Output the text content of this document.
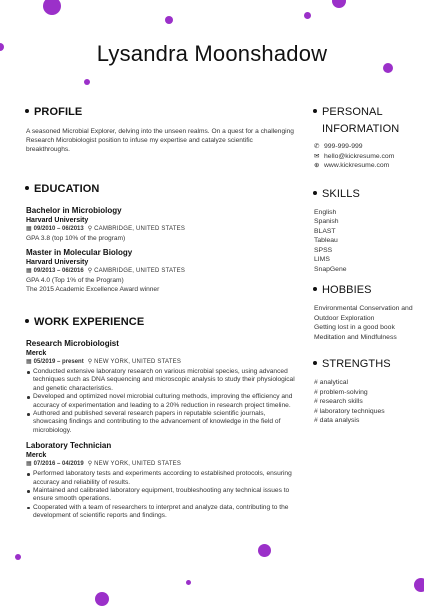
Lysandra Moonshadow
PROFILE

A seasoned Microbial Explorer, delving into the unseen realms. On a quest for a challenging Research Microbiologist position to infuse my expertise and catalyze scientific breakthroughs.

EDUCATION
Bachelor in Microbiology
Harvard University
▦ 09/2010 – 06/2013 ⚲ CAMBRIDGE, UNITED STATES
GPA 3.8 (top 10% of the program)
Master in Molecular Biology
Harvard University
▦ 09/2013 – 06/2016 ⚲ CAMBRIDGE, UNITED STATES
GPA 4.0 (Top 1% of the Program)
The 2015 Academic Excellence Award winner
WORK EXPERIENCE
Research Microbiologist
Merck
▦ 05/2019 – present ⚲ NEW YORK, UNITED STATES
Conducted extensive laboratory research on various microbial species, using advanced techniques such as DNA sequencing and microscopic analysis to study their physiological and genetic characteristics.
Developed and optimized novel microbial culturing methods, improving the efficiency and accuracy of experimentation and leading to a 20% reduction in research project timeline.
Authored and published several research papers in reputable scientific journals, showcasing findings and contributing to the advancement of knowledge in the field of microbiology.
Laboratory Technician
Merck
▦ 07/2016 – 04/2019 ⚲ NEW YORK, UNITED STATES
Performed laboratory tests and experiments according to established protocols, ensuring accuracy and reliability of results.
Maintained and calibrated laboratory equipment, troubleshooting any technical issues to ensure smooth operations.
Cooperated with a team of researchers to interpret and analyze data, contributing to the development of scientific reports and findings.
PERSONAL
INFORMATION
✆ 999-999-999
✉ hello@kickresume.com
⊕ www.kickresume.com
SKILLS
English
Spanish
BLAST
Tableau
SPSS
LIMS
SnapGene
HOBBIES
Environmental Conservation and Outdoor Exploration
Getting lost in a good book
Meditation and Mindfulness
STRENGTHS
# analytical
# problem-solving
# research skills
# laboratory techniques
# data analysis
